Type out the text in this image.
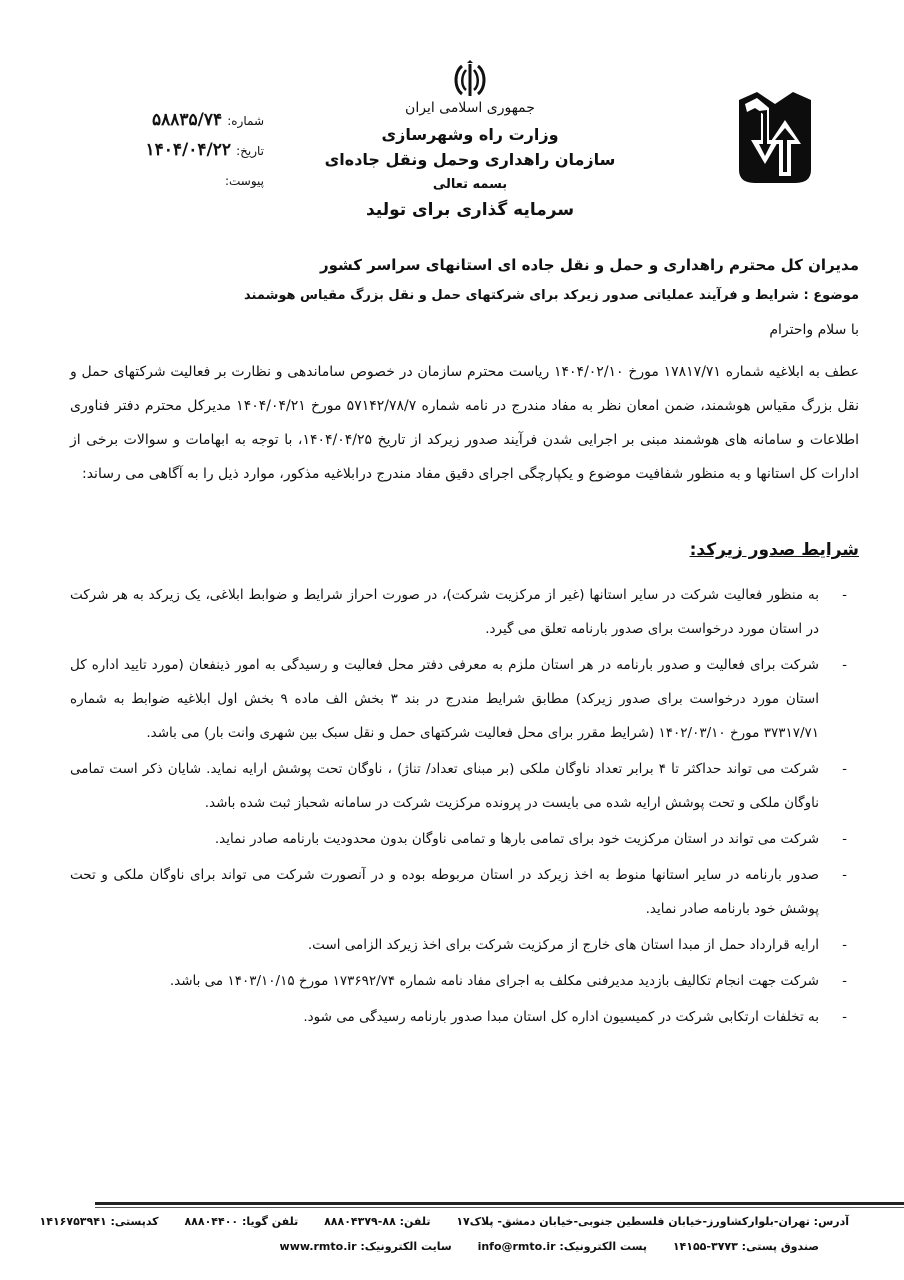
جمهوری اسلامی ایران
وزارت راه وشهرسازی
سازمان راهداری وحمل ونقل جاده‌ای
بسمه تعالی
سرمایه گذاری برای تولید
شماره: ۵۸۸۳۵/۷۴
تاریخ: ۱۴۰۴/۰۴/۲۲
پیوست:
مدیران کل محترم راهداری و حمل و نقل جاده ای استانهای سراسر کشور
موضوع : شرایط و فرآیند عملیاتی صدور زیرکد برای شرکتهای حمل و نقل بزرگ مقیاس هوشمند
با سلام واحترام
عطف به ابلاغیه شماره ۱۷۸۱۷/۷۱ مورخ ۱۴۰۴/۰۲/۱۰ ریاست محترم سازمان در خصوص ساماندهی و نظارت بر فعالیت شرکتهای حمل و نقل بزرگ مقیاس هوشمند، ضمن امعان نظر به مفاد مندرج در نامه شماره ۵۷۱۴۲/۷۸/۷ مورخ ۱۴۰۴/۰۴/۲۱ مدیرکل محترم دفتر فناوری اطلاعات و سامانه های هوشمند مبنی بر اجرایی شدن فرآیند صدور زیرکد از تاریخ ۱۴۰۴/۰۴/۲۵، با توجه به ابهامات و سوالات برخی از ادارات کل استانها و به منظور شفافیت موضوع و یکپارچگی اجرای دقیق مفاد مندرج درابلاغیه مذکور، موارد ذیل را به آگاهی می رساند:
شرایط صدور زیرکد:
-
به منظور فعالیت شرکت در سایر استانها (غیر از مرکزیت شرکت)، در صورت احراز شرایط و ضوابط ابلاغی، یک زیرکد به هر شرکت در استان مورد درخواست برای صدور بارنامه تعلق می گیرد.
-
شرکت برای فعالیت و صدور بارنامه در هر استان ملزم به معرفی دفتر محل فعالیت و رسیدگی به امور ذینفعان (مورد تایید اداره کل استان مورد درخواست برای صدور زیرکد) مطابق شرایط مندرج در بند ۳ بخش الف ماده ۹ بخش اول ابلاغیه ضوابط به شماره ۳۷۳۱۷/۷۱ مورخ ۱۴۰۲/۰۳/۱۰ (شرایط مقرر برای محل فعالیت شرکتهای حمل و نقل سبک بین شهری وانت بار) می باشد.
-
شرکت می تواند حداکثر تا ۴ برابر تعداد ناوگان ملکی (بر مبنای تعداد/ تناژ) ، ناوگان تحت پوشش ارایه نماید. شایان ذکر است تمامی ناوگان ملکی و تحت پوشش ارایه شده می بایست در پرونده مرکزیت شرکت در سامانه شحباز ثبت شده باشد.
-
شرکت می تواند در استان مرکزیت خود برای تمامی بارها و تمامی ناوگان بدون محدودیت بارنامه صادر نماید.
-
صدور بارنامه در سایر استانها منوط به اخذ زیرکد در استان مربوطه بوده و در آنصورت شرکت می تواند برای ناوگان ملکی و تحت پوشش خود بارنامه صادر نماید.
-
ارایه قرارداد حمل از مبدا استان های خارج از مرکزیت شرکت برای اخذ زیرکد الزامی است.
-
شرکت جهت انجام تکالیف بازدید مدیرفنی مکلف به اجرای مفاد نامه شماره ۱۷۳۶۹۲/۷۴ مورخ ۱۴۰۳/۱۰/۱۵ می باشد.
-
به تخلفات ارتکابی شرکت در کمیسیون اداره کل استان مبدا صدور بارنامه رسیدگی می شود.
آدرس: تهران-بلوارکشاورز-خیابان فلسطین جنوبی-خیابان دمشق- پلاک۱۷ تلفن: ۸۸-۸۸۸۰۴۳۷۹ تلفن گویا: ۸۸۸۰۴۴۰۰ کدپستی: ۱۴۱۶۷۵۳۹۴۱
صندوق پستی: ۳۷۷۳-۱۴۱۵۵ پست الکترونیک: info@rmto.ir سایت الکترونیک: www.rmto.ir
